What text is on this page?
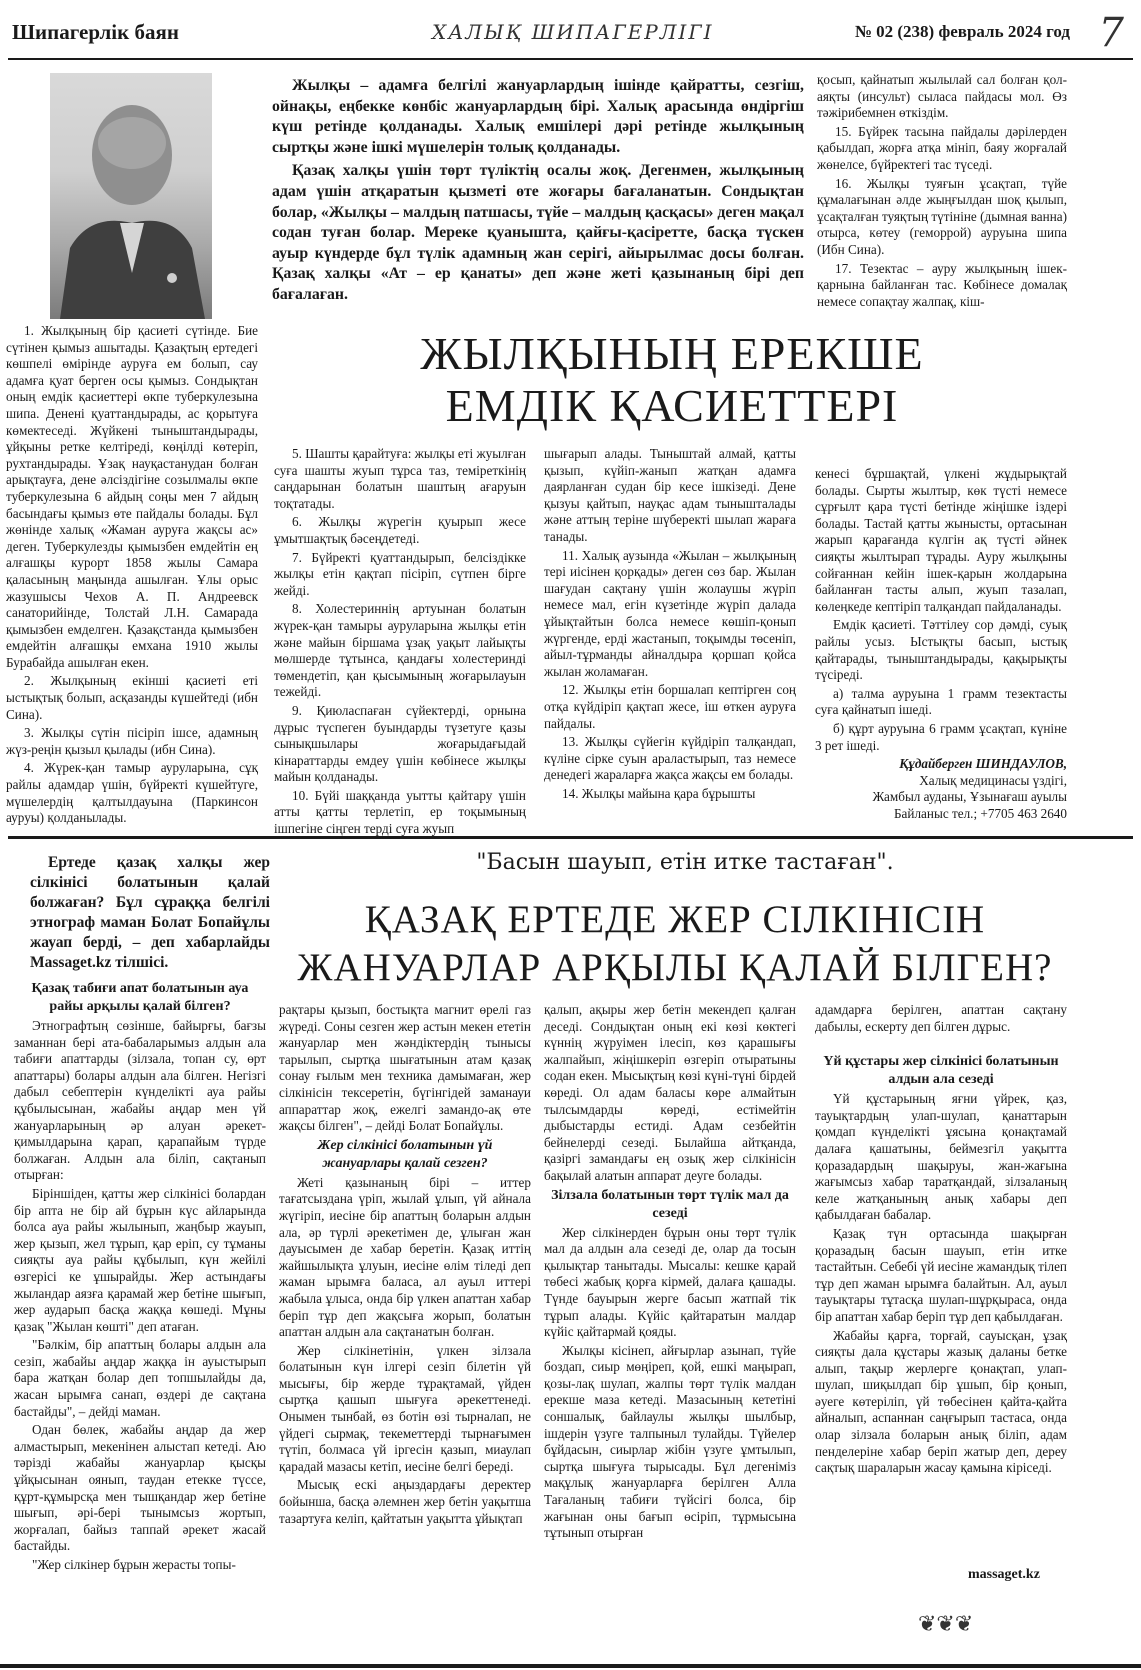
Шипагерлік баян	ХАЛЫҚ ШИПАГЕРЛІГІ	№ 02 (238) февраль 2024 год 7

Жылқы – адамға белгілі жануарлардың ішінде қайратты, сезгіш, ойнақы, еңбекке көнбіс жануарлардың бірі. Халық арасында өндіргіш күш ретінде қолданады. Халық емшілері дәрі ретінде жылқының сыртқы және ішкі мүшелерін толық қолданады.

Қазақ халқы үшін төрт түліктің осалы жоқ. Дегенмен, жылқының адам үшін атқаратын қызметі өте жоғары бағаланатын. Сондықтан болар, «Жылқы – малдың патшасы, түйе – малдың қасқасы» деген мақал содан туған болар. Мереке қуанышта, қайғы-қасіретте, басқа түскен ауыр күндерде бұл түлік адамның жан серігі, айырылмас досы болған. Қазақ халқы «Ат – ер қанаты» деп және жеті қазынаның бірі деп бағалаған.

қосып, қайнатып жылылай сал болған қол-аяқты (инсульт) сыласа пайдасы мол. Өз тәжірибемнен өткіздім.

15. Бүйрек тасына пайдалы дәрілерден қабылдап, жорға атқа мініп, баяу жорғалай жөнелсе, бүйректегі тас түседі.

16. Жылқы туяғын ұсақтап, түйе құмалағынан әлде жыңғылдан шоқ қылып, ұсақталған туяқтың түтініне (дымная ванна) отырса, көтеу (геморрой) ауруына шипа (Ибн Сина).

17. Тезектас – ауру жылқының ішек-қарнына байланған тас. Көбінесе домалақ немесе сопақтау жалпақ, кіш-

ЖЫЛҚЫНЫҢ ЕРЕКШЕ
ЕМДІК ҚАСИЕТТЕРІ

1. Жылқының бір қасиеті сүтінде. Бие сүтінен қымыз ашытады. Қазақтың ертедегі көшпелі өмірінде ауруға ем болып, сау адамға қуат берген осы қымыз. Сондықтан оның емдік қасиеттері өкпе туберкулезына шипа. Денені қуаттандырады, ас қорытуға көмектеседі. Жүйкені тыныштандырады, ұйқыны ретке келтіреді, көңілді көтеріп, рухтандырады. Ұзақ науқастанудан болған арықтауға, дене әлсіздігіне созылмалы өкпе туберкулезына 6 айдың соңы мен 7 айдың басындағы қымыз өте пайдалы болады. Бұл жөнінде халық «Жаман ауруға жақсы ас» деген. Туберкулезды қымызбен емдейтін ең алғашқы курорт 1858 жылы Самара қаласының маңында ашылған. Ұлы орыс жазушысы Чехов А. П. Андреевск санаторийінде, Толстай Л.Н. Самарада қымызбен емделген. Қазақстанда қымызбен емдейтін алғашқы емхана 1910 жылы Бурабайда ашылған екен.

2. Жылқының екінші қасиеті еті ыстықтық болып, асқазанды күшейтеді (ибн Сина).

3. Жылқы сүтін пісіріп ішсе, адамның жүз-реңін қызыл қылады (ибн Сина).

4. Жүрек-қан тамыр ауруларына, сұқ райлы адамдар үшін, бүйректі күшейтуге, мүшелердің қалтылдауына (Паркинсон ауруы) қолданылады.

5. Шашты қарайтуға: жылқы еті жуылған суға шашты жуып тұрса таз, теміреткінің саңдарынан болатын шаштың ағаруын тоқтатады.

6. Жылқы жүрегін қуырып жесе ұмытшақтық бәсеңдетеді.

7. Бүйректі қуаттандырып, белсіздікке жылқы етін қақтап пісіріп, сүтпен бірге жейді.

8. Холестериннің артуынан болатын жүрек-қан тамыры ауруларына жылқы етін және майын біршама ұзақ уақыт лайықты мөлшерде тұтынса, қандағы холестеринді төмендетіп, қан қысымының жоғарылауын тежейді.

9. Қиюласпаған сүйектерді, орнына дұрыс түспеген буындарды түзетуге қазы сынықшылары жоғарыдағыдай кінараттарды емдеу үшін көбінесе жылқы майын қолданады.

10. Бүйі шаққанда уытты қайтару үшін атты қатты терлетіп, ер тоқымының ішпегіне сіңген терді суға жуып

шығарып алады. Тыныштай алмай, қатты қызып, күйіп-жанып жатқан адамға даярланған судан бір кесе ішкізеді. Дене қызуы қайтып, науқас адам тынышталады және аттың теріне шүберекті шылап жараға танады.

11. Халық аузында «Жылан – жылқының тері иісінен қорқады» деген сөз бар. Жылан шағудан сақтану үшін жолаушы жүріп немесе мал, егін күзетінде жүріп далада ұйықтайтын болса немесе көшіп-қонып жүргенде, ерді жастанып, тоқымды төсеніп, айыл-тұрманды айналдыра қоршап қойса жылан жоламаған.

12. Жылқы етін боршалап кептірген соң отқа күйдіріп қақтап жесе, іш өткен ауруға пайдалы.

13. Жылқы сүйегін күйдіріп талқандап, күліне сірке суын араластырып, таз немесе денедегі жараларға жақса жақсы ем болады.

14. Жылқы майына қара бұрышты

кенесі бұршақтай, үлкені жұдырықтай болады. Сырты жылтыр, көк түсті немесе сұрғылт қара түсті бетінде жіңішке іздері болады. Тастай қатты жынысты, ортасынан жарып қарағанда күлгін ақ түсті әйнек сияқты жылтырап тұрады. Ауру жылқыны сойғаннан кейін ішек-қарын жолдарына байланған тасты алып, жуып тазалап, көлеңкеде кептіріп талқандап пайдаланады.

Емдік қасиеті. Тәттілеу сор дәмді, суық райлы усыз. Ыстықты басып, ыстық қайтарады, тыныштандырады, қақырықты түсіреді.

а) талма ауруына 1 грамм тезектасты суға қайнатып ішеді.

б) құрт ауруына 6 грамм ұсақтап, күніне 3 рет ішеді.

Құдайберген ШИНДАУЛОВ,

Халық медицинасы үздігі,

Жамбыл ауданы, Ұзынағаш ауылы

Байланыс тел.; +7705 463 2640

Ертеде қазақ халқы жер сілкінісі болатынын қалай болжаған? Бұл сұраққа белгілі этнограф маман Болат Бопайұлы жауап берді, – деп хабарлайды Massaget.kz тілшісі.
"Басын шауып, етін итке тастаған".
ҚАЗАҚ ЕРТЕДЕ ЖЕР СІЛКІНІСІН
ЖАНУАРЛАР АРҚЫЛЫ ҚАЛАЙ БІЛГЕН?

Қазақ табиғи апат болатынын ауа райы арқылы қалай білген?

Этнографтың сөзінше, байырғы, бағзы заманнан бері ата-бабаларымыз алдын ала табиғи апаттарды (зілзала, топан су, өрт апаттары) болары алдын ала білген. Негізгі дабыл себептерін күнделікті ауа райы құбылысынан, жабайы аңдар мен үй жануарларының әр алуан әрекет-қимылдарына қарап, қарапайым түрде болжаған. Алдын ала біліп, сақтанып отырған:

Біріншіден, қатты жер сілкінісі болардан бір апта не бір ай бұрын күс айларында болса ауа райы жылынып, жаңбыр жауып, жер қызып, жел тұрып, қар еріп, су тұманы сияқты ауа райы құбылып, күн жейілі өзгерісі ке ұшырайды. Жер астындағы жыландар аязға қарамай жер бетіне шығып, жер аударып басқа жаққа көшеді. Мұны қазақ "Жылан көшті" деп атаған.

"Бәлкім, бір апаттың болары алдын ала сезіп, жабайы аңдар жаққа ін ауыстырып бара жатқан болар деп топшылайды да, жасан ырымға санап, өздері де сақтана бастайды", – дейді маман.

Одан бөлек, жабайы аңдар да жер алмастырып, мекенінен алыстап кетеді. Аю тәрізді жабайы жануарлар қысқы ұйқысынан оянып, таудан етекке түссе, құрт-құмырсқа мен тышқандар жер бетіне шығып, әрі-бері тынымсыз жортып, жорғалап, байыз таппай әрекет жасай бастайды.

"Жер сілкінер бұрын жерасты топы-

рақтары қызып, бостықта магнит өрелі газ жүреді. Соны сезген жер астын мекен ететін жануарлар мен жәндіктердің тынысы тарылып, сыртқа шығатынын атам қазақ сонау ғылым мен техника дамымаған, жер сілкінісін тексеретін, бүгінгідей заманауи аппараттар жоқ, ежелгі замандо-ақ өте жақсы білген", – дейді Болат Бопайұлы.

Жер сілкінісі болатынын үй жануарлары қалай сезген?

Жеті қазынаның бірі – иттер тағатсыздана үріп, жылай ұлып, үй айнала жүгіріп, иесіне бір апаттың боларын алдын ала, әр түрлі әрекетімен де, ұлыған жан дауысымен де хабар беретін. Қазақ иттің жайшылықта ұлуын, иесіне өлім тіледі деп жаман ырымға баласа, ал ауыл иттері жабыла ұлыса, онда бір үлкен апаттан хабар беріп тұр деп жақсыға жорып, болатын апаттан алдын ала сақтанатын болған.

Жер сілкінетінін, үлкен зілзала болатынын күн ілгері сезіп білетін үй мысығы, бір жерде тұрақтамай, үйден сыртқа қашып шығуға әрекеттенеді. Онымен тынбай, өз ботін өзі тырналап, не үйдегі сырмақ, текеметтерді тырнағымен түтіп, болмаса үй іргесін қазып, миаулап қарадай мазасы кетіп, иесіне белгі береді.

Мысық ескі аңыздардағы деректер бойынша, басқа әлемнен жер бетін уақытша тазартуға келіп, қайтатын уақытта ұйықтап

қалып, ақыры жер бетін мекендеп қалған деседі. Сондықтан оның екі көзі көктегі күннің жүруімен ілесіп, көз қарашығы жалпайып, жіңішкеріп өзгеріп отыратыны содан екен. Мысықтың көзі күні-түні бірдей көреді. Ол адам баласы көре алмайтын тылсымдарды көреді, естімейтін дыбыстарды естиді. Адам сезбейтін бейнелерді сезеді. Былайша айтқанда, қазіргі замандағы ең озық жер сілкінісін бақылай алатын аппарат деуге болады.

Зілзала болатынын төрт түлік мал да сезеді

Жер сілкінерден бұрын оны төрт түлік мал да алдын ала сезеді де, олар да тосын қылықтар танытады. Мысалы: кешке қарай төбесі жабық қорға кірмей, далаға қашады. Түнде бауырын жерге басып жатпай тік тұрып алады. Күйіс қайтаратын малдар күйіс қайтармай қояды.

Жылқы кісінеп, айғырлар азынап, түйе боздап, сиыр мөңіреп, қой, ешкі маңырап, қозы-лақ шулап, жалпы төрт түлік малдан ерекше маза кетеді. Мазасының кететіні соншалық, байлаулы жылқы шылбыр, ішдерін үзуге талпыныл тулайды. Түйелер бұйдасын, сиырлар жібін үзуге ұмтылып, сыртқа шығуға тырысады. Бұл дегеніміз мақұлық жануарларға берілген Алла Тағаланың табиғи түйсігі болса, бір жағынан оны бағып өсіріп, тұрмысына тұтынып отырған

адамдарға берілген, апаттан сақтану дабылы, ескерту деп білген дұрыс.

Үй құстары жер сілкінісі болатынын алдын ала сезеді

Үй құстарының яғни үйрек, қаз, тауықтардың улап-шулап, қанаттарын қомдап күнделікті ұясына қонақтамай далаға қашатыны, беймезгіл уақытта қоразадардың шақыруы, жан-жағына жағымсыз хабар таратқандай, зілзаланың келе жатқанының анық хабары деп қабылдаған бабалар.

Қазақ түн ортасында шақырған қоразадың басын шауып, етін итке тастайтын. Себебі үй иесіне жамандық тілеп тұр деп жаман ырымға балайтын. Ал, ауыл тауықтары тұтасқа шулап-шұрқыраса, онда бір апаттан хабар беріп тұр деп қабылдаған.

Жабайы қарға, торғай, сауысқан, ұзақ сияқты дала құстары жазық даланы бетке алып, тақыр жерлерге қонақтап, улап-шулап, шиқылдап бір ұшып, бір қонып, әуеге көтеріліп, үй төбесінен қайта-қайта айналып, аспаннан саңғырып тастаса, онда олар зілзала боларын анық біліп, адам пенделеріне хабар беріп жатыр деп, дереу сақтық шараларын жасау қамына кіріседі.

massaget.kz
❦❦❦
